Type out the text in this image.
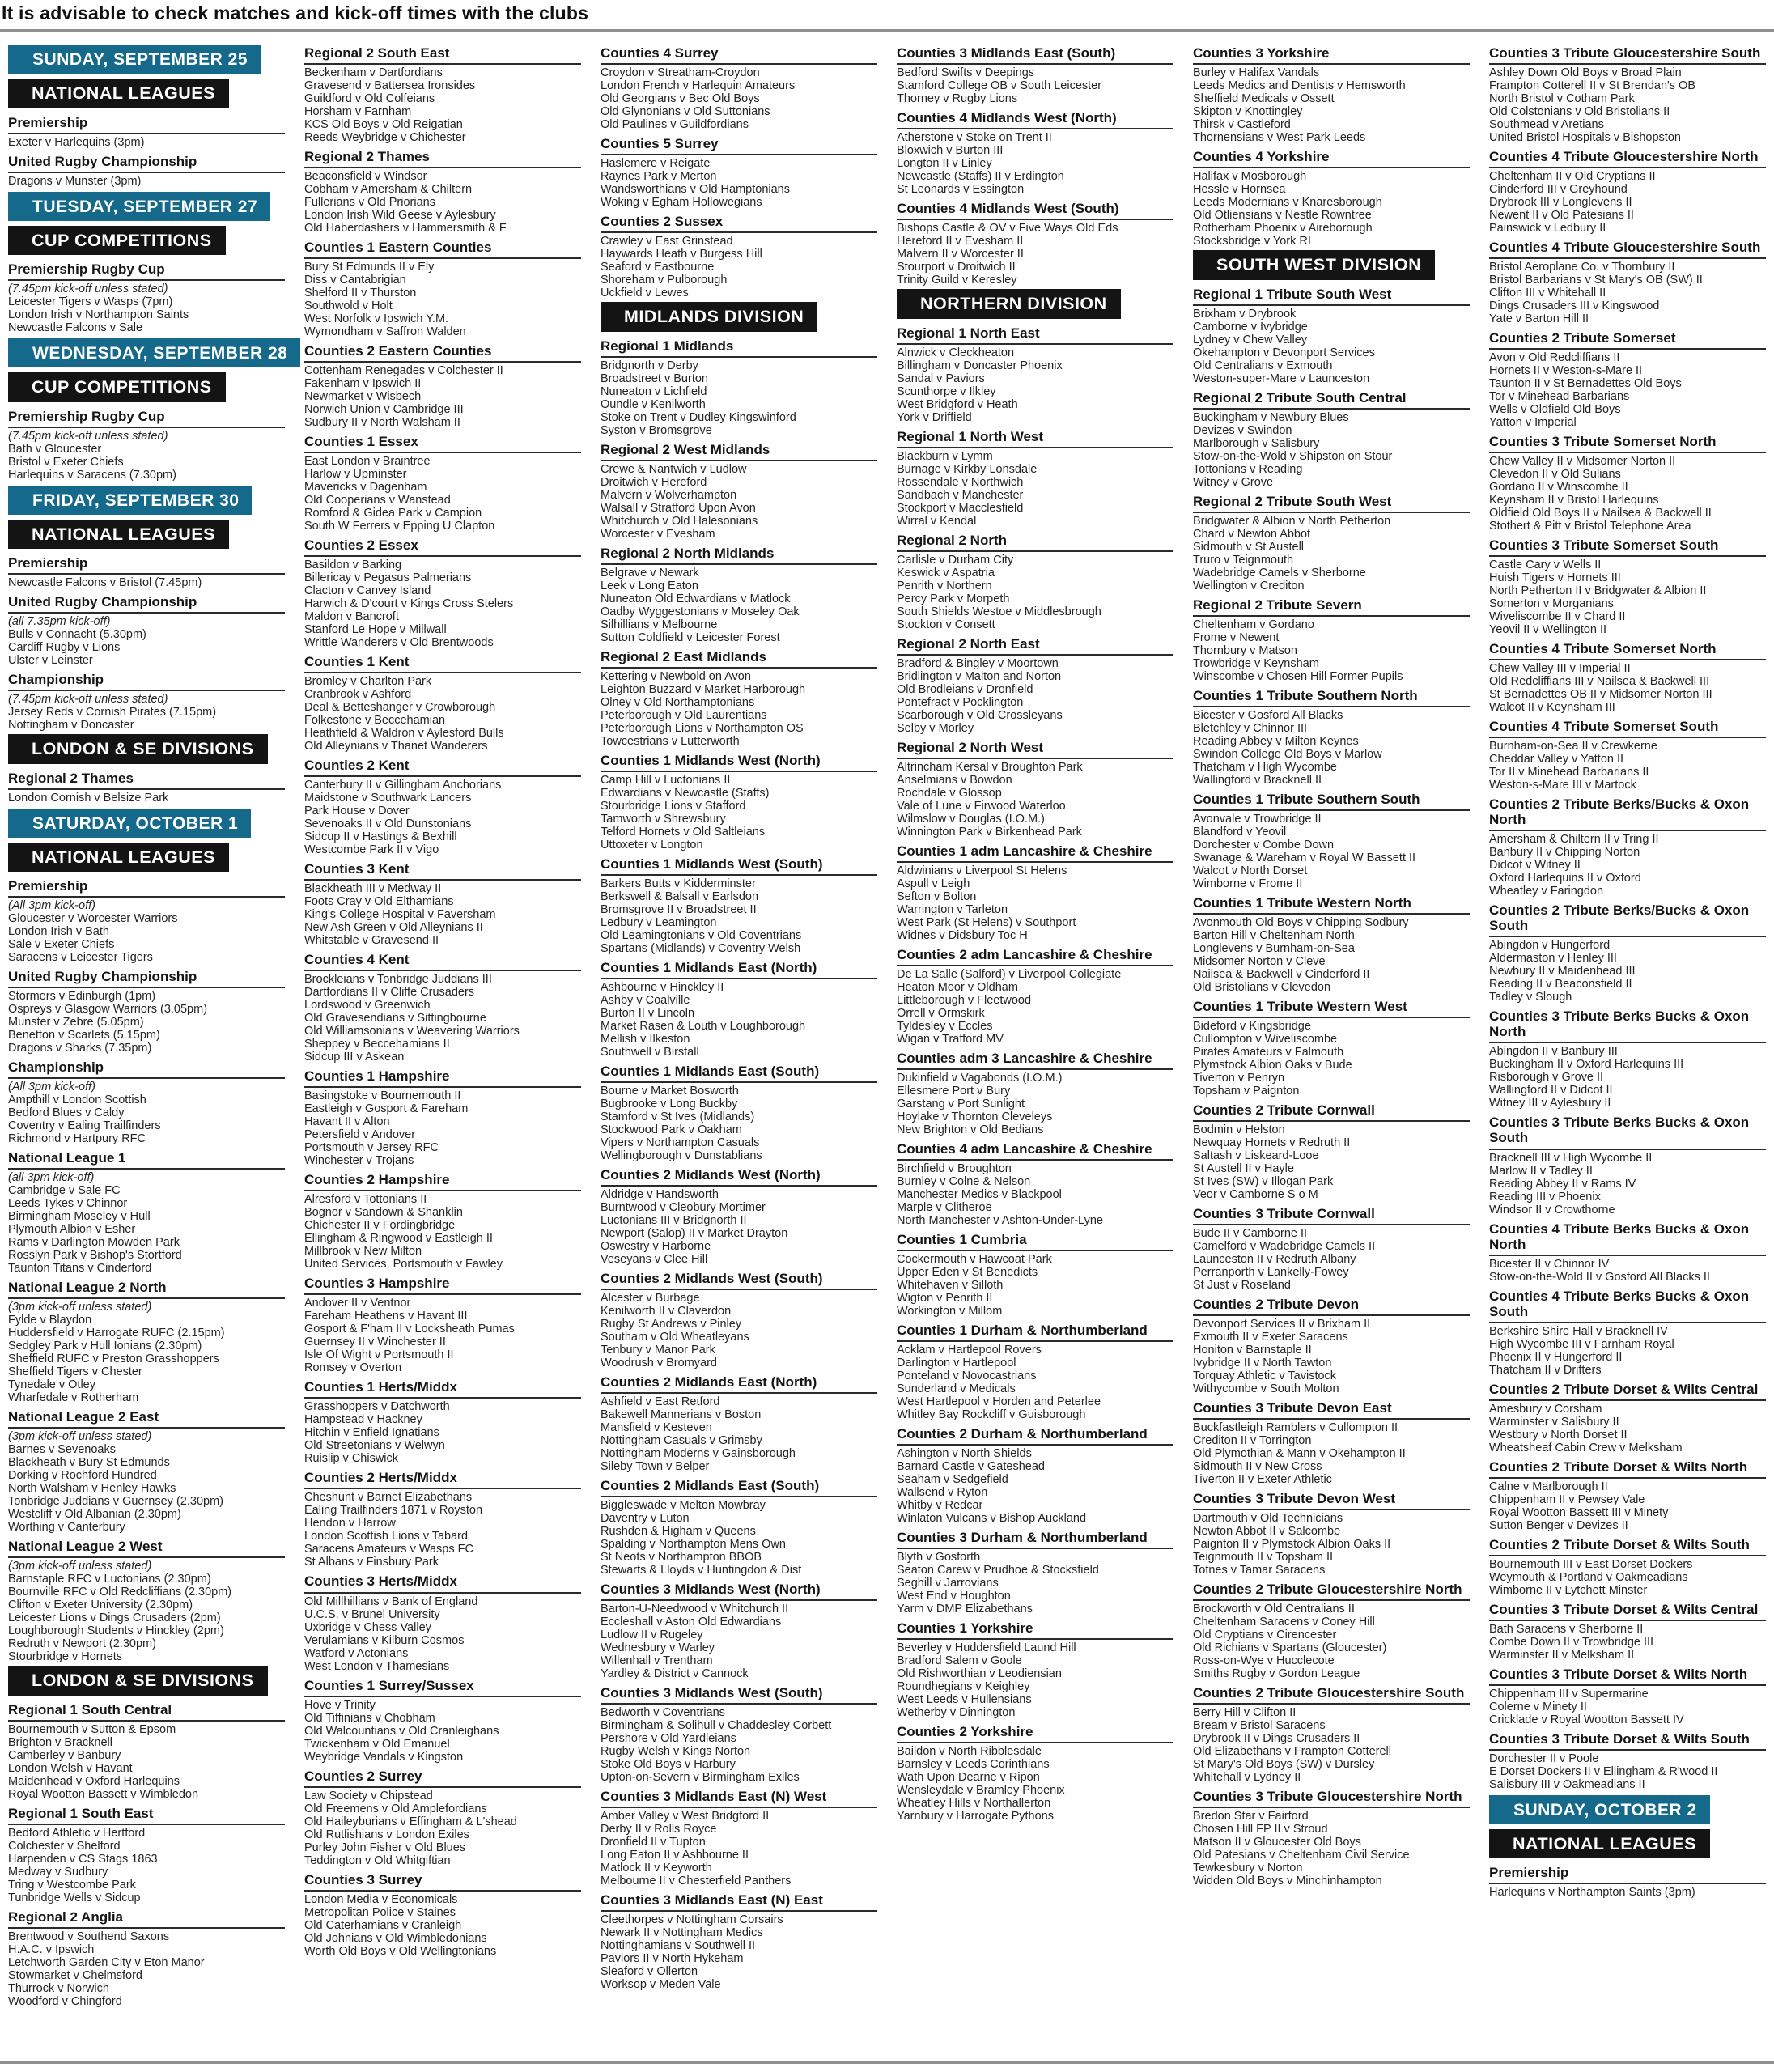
It is advisable to check matches and kick-off times with the clubs
SUNDAY, SEPTEMBER 25NATIONAL LEAGUES
Premiership
Exeter v Harlequins (3pm)
United Rugby Championship
Dragons v Munster (3pm)
TUESDAY, SEPTEMBER 27CUP COMPETITIONS
Premiership Rugby Cup
(7.45pm kick-off unless stated)
Leicester Tigers v Wasps (7pm)
London Irish v Northampton Saints
Newcastle Falcons v Sale
WEDNESDAY, SEPTEMBER 28CUP COMPETITIONS
Premiership Rugby Cup
(7.45pm kick-off unless stated)
Bath v Gloucester
Bristol v Exeter Chiefs
Harlequins v Saracens (7.30pm)
FRIDAY, SEPTEMBER 30NATIONAL LEAGUES
Premiership
Newcastle Falcons v Bristol (7.45pm)
United Rugby Championship
(all 7.35pm kick-off)
Bulls v Connacht (5.30pm)
Cardiff Rugby v Lions
Ulster v Leinster
Championship
(7.45pm kick-off unless stated)
Jersey Reds v Cornish Pirates (7.15pm)
Nottingham v Doncaster
LONDON & SE DIVISIONS
Regional 2 Thames
London Cornish v Belsize Park
SATURDAY, OCTOBER 1NATIONAL LEAGUES
Premiership
(All 3pm kick-off)
Gloucester v Worcester Warriors
London Irish v Bath
Sale v Exeter Chiefs
Saracens v Leicester Tigers
United Rugby Championship
Stormers v Edinburgh (1pm)
Ospreys v Glasgow Warriors (3.05pm)
Munster v Zebre (5.05pm)
Benetton v Scarlets (5.15pm)
Dragons v Sharks (7.35pm)
Championship
(All 3pm kick-off)
Ampthill v London Scottish
Bedford Blues v Caldy
Coventry v Ealing Trailfinders
Richmond v Hartpury RFC
National League 1
(all 3pm kick-off)
Cambridge v Sale FC
Leeds Tykes v Chinnor
Birmingham Moseley v Hull
Plymouth Albion v Esher
Rams v Darlington Mowden Park
Rosslyn Park v Bishop's Stortford
Taunton Titans v Cinderford
National League 2 North
(3pm kick-off unless stated)
Fylde v Blaydon
Huddersfield v Harrogate RUFC (2.15pm)
Sedgley Park v Hull Ionians (2.30pm)
Sheffield RUFC v Preston Grasshoppers
Sheffield Tigers v Chester
Tynedale v Otley
Wharfedale v Rotherham
National League 2 East
(3pm kick-off unless stated)
Barnes v Sevenoaks
Blackheath v Bury St Edmunds
Dorking v Rochford Hundred
North Walsham v Henley Hawks
Tonbridge Juddians v Guernsey (2.30pm)
Westcliff v Old Albanian (2.30pm)
Worthing v Canterbury
National League 2 West
(3pm kick-off unless stated)
Barnstaple RFC v Luctonians (2.30pm)
Bournville RFC v Old Redcliffians (2.30pm)
Clifton v Exeter University (2.30pm)
Leicester Lions v Dings Crusaders (2pm)
Loughborough Students v Hinckley (2pm)
Redruth v Newport (2.30pm)
Stourbridge v Hornets
LONDON & SE DIVISIONS
Regional 1 South Central
Bournemouth v Sutton & Epsom
Brighton v Bracknell
Camberley v Banbury
London Welsh v Havant
Maidenhead v Oxford Harlequins
Royal Wootton Bassett v Wimbledon
Regional 1 South East
Bedford Athletic v Hertford
Colchester v Shelford
Harpenden v CS Stags 1863
Medway v Sudbury
Tring v Westcombe Park
Tunbridge Wells v Sidcup
Regional 2 Anglia
Brentwood v Southend Saxons
H.A.C. v Ipswich
Letchworth Garden City v Eton Manor
Stowmarket v Chelmsford
Thurrock v Norwich
Woodford v Chingford
Regional 2 South East
Beckenham v Dartfordians
Gravesend v Battersea Ironsides
Guildford v Old Colfeians
Horsham v Farnham
KCS Old Boys v Old Reigatian
Reeds Weybridge v Chichester
Regional 2 Thames
Beaconsfield v Windsor
Cobham v Amersham & Chiltern
Fullerians v Old Priorians
London Irish Wild Geese v Aylesbury
Old Haberdashers v Hammersmith & F
Counties 1 Eastern Counties
Bury St Edmunds II v Ely
Diss v Cantabrigian
Shelford II v Thurston
Southwold v Holt
West Norfolk v Ipswich Y.M.
Wymondham v Saffron Walden
Counties 2 Eastern Counties
Cottenham Renegades v Colchester II
Fakenham v Ipswich II
Newmarket v Wisbech
Norwich Union v Cambridge III
Sudbury II v North Walsham II
Counties 1 Essex
East London v Braintree
Harlow v Upminster
Mavericks v Dagenham
Old Cooperians v Wanstead
Romford & Gidea Park v Campion
South W Ferrers v Epping U Clapton
Counties 2 Essex
Basildon v Barking
Billericay v Pegasus Palmerians
Clacton v Canvey Island
Harwich & D'court v Kings Cross Stelers
Maldon v Bancroft
Stanford Le Hope v Millwall
Writtle Wanderers v Old Brentwoods
Counties 1 Kent
Bromley v Charlton Park
Cranbrook v Ashford
Deal & Betteshanger v Crowborough
Folkestone v Beccehamian
Heathfield & Waldron v Aylesford Bulls
Old Alleynians v Thanet Wanderers
Counties 2 Kent
Canterbury II v Gillingham Anchorians
Maidstone v Southwark Lancers
Park House v Dover
Sevenoaks II v Old Dunstonians
Sidcup II v Hastings & Bexhill
Westcombe Park II v Vigo
Counties 3 Kent
Blackheath III v Medway II
Foots Cray v Old Elthamians
King's College Hospital v Faversham
New Ash Green v Old Alleynians II
Whitstable v Gravesend II
Counties 4 Kent
Brockleians v Tonbridge Juddians III
Dartfordians II v Cliffe Crusaders
Lordswood v Greenwich
Old Gravesendians v Sittingbourne
Old Williamsonians v Weavering Warriors
Sheppey v Beccehamians II
Sidcup III v Askean
Counties 1 Hampshire
Basingstoke v Bournemouth II
Eastleigh v Gosport & Fareham
Havant II v Alton
Petersfield v Andover
Portsmouth v Jersey RFC
Winchester v Trojans
Counties 2 Hampshire
Alresford v Tottonians II
Bognor v Sandown & Shanklin
Chichester II v Fordingbridge
Ellingham & Ringwood v Eastleigh II
Millbrook v New Milton
United Services, Portsmouth v Fawley
Counties 3 Hampshire
Andover II v Ventnor
Fareham Heathens v Havant III
Gosport & F'ham II v Locksheath Pumas
Guernsey II v Winchester II
Isle Of Wight v Portsmouth II
Romsey v Overton
Counties 1 Herts/Middx
Grasshoppers v Datchworth
Hampstead v Hackney
Hitchin v Enfield Ignatians
Old Streetonians v Welwyn
Ruislip v Chiswick
Counties 2 Herts/Middx
Cheshunt v Barnet Elizabethans
Ealing Trailfinders 1871 v Royston
Hendon v Harrow
London Scottish Lions v Tabard
Saracens Amateurs v Wasps FC
St Albans v Finsbury Park
Counties 3 Herts/Middx
Old Millhillians v Bank of England
U.C.S. v Brunel University
Uxbridge v Chess Valley
Verulamians v Kilburn Cosmos
Watford v Actonians
West London v Thamesians
Counties 1 Surrey/Sussex
Hove v Trinity
Old Tiffinians v Chobham
Old Walcountians v Old Cranleighans
Twickenham v Old Emanuel
Weybridge Vandals v Kingston
Counties 2 Surrey
Law Society v Chipstead
Old Freemens v Old Amplefordians
Old Haileyburians v Effingham & L'shead
Old Rutlishians v London Exiles
Purley John Fisher v Old Blues
Teddington v Old Whitgiftian
Counties 3 Surrey
London Media v Economicals
Metropolitan Police v Staines
Old Caterhamians v Cranleigh
Old Johnians v Old Wimbledonians
Worth Old Boys v Old Wellingtonians
Counties 4 Surrey
Croydon v Streatham-Croydon
London French v Harlequin Amateurs
Old Georgians v Bec Old Boys
Old Glynonians v Old Suttonians
Old Paulines v Guildfordians
Counties 5 Surrey
Haslemere v Reigate
Raynes Park v Merton
Wandsworthians v Old Hamptonians
Woking v Egham Hollowegians
Counties 2 Sussex
Crawley v East Grinstead
Haywards Heath v Burgess Hill
Seaford v Eastbourne
Shoreham v Pulborough
Uckfield v Lewes
MIDLANDS DIVISION
Regional 1 Midlands
Bridgnorth v Derby
Broadstreet v Burton
Nuneaton v Lichfield
Oundle v Kenilworth
Stoke on Trent v Dudley Kingswinford
Syston v Bromsgrove
Regional 2 West Midlands
Crewe & Nantwich v Ludlow
Droitwich v Hereford
Malvern v Wolverhampton
Walsall v Stratford Upon Avon
Whitchurch v Old Halesonians
Worcester v Evesham
Regional 2 North Midlands
Belgrave v Newark
Leek v Long Eaton
Nuneaton Old Edwardians v Matlock
Oadby Wyggestonians v Moseley Oak
Silhillians v Melbourne
Sutton Coldfield v Leicester Forest
Regional 2 East Midlands
Kettering v Newbold on Avon
Leighton Buzzard v Market Harborough
Olney v Old Northamptonians
Peterborough v Old Laurentians
Peterborough Lions v Northampton OS
Towcestrians v Lutterworth
Counties 1 Midlands West (North)
Camp Hill v Luctonians II
Edwardians v Newcastle (Staffs)
Stourbridge Lions v Stafford
Tamworth v Shrewsbury
Telford Hornets v Old Saltleians
Uttoxeter v Longton
Counties 1 Midlands West (South)
Barkers Butts v Kidderminster
Berkswell & Balsall v Earlsdon
Bromsgrove II v Broadstreet II
Ledbury v Leamington
Old Leamingtonians v Old Coventrians
Spartans (Midlands) v Coventry Welsh
Counties 1 Midlands East (North)
Ashbourne v Hinckley II
Ashby v Coalville
Burton II v Lincoln
Market Rasen & Louth v Loughborough
Mellish v Ilkeston
Southwell v Birstall
Counties 1 Midlands East (South)
Bourne v Market Bosworth
Bugbrooke v Long Buckby
Stamford v St Ives (Midlands)
Stockwood Park v Oakham
Vipers v Northampton Casuals
Wellingborough v Dunstablians
Counties 2 Midlands West (North)
Aldridge v Handsworth
Burntwood v Cleobury Mortimer
Luctonians III v Bridgnorth II
Newport (Salop) II v Market Drayton
Oswestry v Harborne
Veseyans v Clee Hill
Counties 2 Midlands West (South)
Alcester v Burbage
Kenilworth II v Claverdon
Rugby St Andrews v Pinley
Southam v Old Wheatleyans
Tenbury v Manor Park
Woodrush v Bromyard
Counties 2 Midlands East (North)
Ashfield v East Retford
Bakewell Mannerians v Boston
Mansfield v Kesteven
Nottingham Casuals v Grimsby
Nottingham Moderns v Gainsborough
Sileby Town v Belper
Counties 2 Midlands East (South)
Biggleswade v Melton Mowbray
Daventry v Luton
Rushden & Higham v Queens
Spalding v Northampton Mens Own
St Neots v Northampton BBOB
Stewarts & Lloyds v Huntingdon & Dist
Counties 3 Midlands West (North)
Barton-U-Needwood v Whitchurch II
Eccleshall v Aston Old Edwardians
Ludlow II v Rugeley
Wednesbury v Warley
Willenhall v Trentham
Yardley & District v Cannock
Counties 3 Midlands West (South)
Bedworth v Coventrians
Birmingham & Solihull v Chaddesley Corbett
Pershore v Old Yardleians
Rugby Welsh v Kings Norton
Stoke Old Boys v Harbury
Upton-on-Severn v Birmingham Exiles
Counties 3 Midlands East (N) West
Amber Valley v West Bridgford II
Derby II v Rolls Royce
Dronfield II v Tupton
Long Eaton II v Ashbourne II
Matlock II v Keyworth
Melbourne II v Chesterfield Panthers
Counties 3 Midlands East (N) East
Cleethorpes v Nottingham Corsairs
Newark II v Nottingham Medics
Nottinghamians v Southwell II
Paviors II v North Hykeham
Sleaford v Ollerton
Worksop v Meden Vale
Counties 3 Midlands East (South)
Bedford Swifts v Deepings
Stamford College OB v South Leicester
Thorney v Rugby Lions
Counties 4 Midlands West (North)
Atherstone v Stoke on Trent II
Bloxwich v Burton III
Longton II v Linley
Newcastle (Staffs) II v Erdington
St Leonards v Essington
Counties 4 Midlands West (South)
Bishops Castle & OV v Five Ways Old Eds
Hereford II v Evesham II
Malvern II v Worcester II
Stourport v Droitwich II
Trinity Guild v Keresley
NORTHERN DIVISION
Regional 1 North East
Alnwick v Cleckheaton
Billingham v Doncaster Phoenix
Sandal v Paviors
Scunthorpe v Ilkley
West Bridgford v Heath
York v Driffield
Regional 1 North West
Blackburn v Lymm
Burnage v Kirkby Lonsdale
Rossendale v Northwich
Sandbach v Manchester
Stockport v Macclesfield
Wirral v Kendal
Regional 2 North
Carlisle v Durham City
Keswick v Aspatria
Penrith v Northern
Percy Park v Morpeth
South Shields Westoe v Middlesbrough
Stockton v Consett
Regional 2 North East
Bradford & Bingley v Moortown
Bridlington v Malton and Norton
Old Brodleians v Dronfield
Pontefract v Pocklington
Scarborough v Old Crossleyans
Selby v Morley
Regional 2 North West
Altrincham Kersal v Broughton Park
Anselmians v Bowdon
Rochdale v Glossop
Vale of Lune v Firwood Waterloo
Wilmslow v Douglas (I.O.M.)
Winnington Park v Birkenhead Park
Counties 1 adm Lancashire & Cheshire
Aldwinians v Liverpool St Helens
Aspull v Leigh
Sefton v Bolton
Warrington v Tarleton
West Park (St Helens) v Southport
Widnes v Didsbury Toc H
Counties 2 adm Lancashire & Cheshire
De La Salle (Salford) v Liverpool Collegiate
Heaton Moor v Oldham
Littleborough v Fleetwood
Orrell v Ormskirk
Tyldesley v Eccles
Wigan v Trafford MV
Counties adm 3 Lancashire & Cheshire
Dukinfield v Vagabonds (I.O.M.)
Ellesmere Port v Bury
Garstang v Port Sunlight
Hoylake v Thornton Cleveleys
New Brighton v Old Bedians
Counties 4 adm Lancashire & Cheshire
Birchfield v Broughton
Burnley v Colne & Nelson
Manchester Medics v Blackpool
Marple v Clitheroe
North Manchester v Ashton-Under-Lyne
Counties 1 Cumbria
Cockermouth v Hawcoat Park
Upper Eden v St Benedicts
Whitehaven v Silloth
Wigton v Penrith II
Workington v Millom
Counties 1 Durham & Northumberland
Acklam v Hartlepool Rovers
Darlington v Hartlepool
Ponteland v Novocastrians
Sunderland v Medicals
West Hartlepool v Horden and Peterlee
Whitley Bay Rockcliff v Guisborough
Counties 2 Durham & Northumberland
Ashington v North Shields
Barnard Castle v Gateshead
Seaham v Sedgefield
Wallsend v Ryton
Whitby v Redcar
Winlaton Vulcans v Bishop Auckland
Counties 3 Durham & Northumberland
Blyth v Gosforth
Seaton Carew v Prudhoe & Stocksfield
Seghill v Jarrovians
West End v Houghton
Yarm v DMP Elizabethans
Counties 1 Yorkshire
Beverley v Huddersfield Laund Hill
Bradford Salem v Goole
Old Rishworthian v Leodiensian
Roundhegians v Keighley
West Leeds v Hullensians
Wetherby v Dinnington
Counties 2 Yorkshire
Baildon v North Ribblesdale
Barnsley v Leeds Corinthians
Wath Upon Dearne v Ripon
Wensleydale v Bramley Phoenix
Wheatley Hills v Northallerton
Yarnbury v Harrogate Pythons
Counties 3 Yorkshire
Burley v Halifax Vandals
Leeds Medics and Dentists v Hemsworth
Sheffield Medicals v Ossett
Skipton v Knottingley
Thirsk v Castleford
Thornensians v West Park Leeds
Counties 4 Yorkshire
Halifax v Mosborough
Hessle v Hornsea
Leeds Modernians v Knaresborough
Old Otliensians v Nestle Rowntree
Rotherham Phoenix v Aireborough
Stocksbridge v York RI
SOUTH WEST DIVISION
Regional 1 Tribute South West
Brixham v Drybrook
Camborne v Ivybridge
Lydney v Chew Valley
Okehampton v Devonport Services
Old Centralians v Exmouth
Weston-super-Mare v Launceston
Regional 2 Tribute South Central
Buckingham v Newbury Blues
Devizes v Swindon
Marlborough v Salisbury
Stow-on-the-Wold v Shipston on Stour
Tottonians v Reading
Witney v Grove
Regional 2 Tribute South West
Bridgwater & Albion v North Petherton
Chard v Newton Abbot
Sidmouth v St Austell
Truro v Teignmouth
Wadebridge Camels v Sherborne
Wellington v Crediton
Regional 2 Tribute Severn
Cheltenham v Gordano
Frome v Newent
Thornbury v Matson
Trowbridge v Keynsham
Winscombe v Chosen Hill Former Pupils
Counties 1 Tribute Southern North
Bicester v Gosford All Blacks
Bletchley v Chinnor III
Reading Abbey v Milton Keynes
Swindon College Old Boys v Marlow
Thatcham v High Wycombe
Wallingford v Bracknell II
Counties 1 Tribute Southern South
Avonvale v Trowbridge II
Blandford v Yeovil
Dorchester v Combe Down
Swanage & Wareham v Royal W Bassett II
Walcot v North Dorset
Wimborne v Frome II
Counties 1 Tribute Western North
Avonmouth Old Boys v Chipping Sodbury
Barton Hill v Cheltenham North
Longlevens v Burnham-on-Sea
Midsomer Norton v Cleve
Nailsea & Backwell v Cinderford II
Old Bristolians v Clevedon
Counties 1 Tribute Western West
Bideford v Kingsbridge
Cullompton v Wiveliscombe
Pirates Amateurs v Falmouth
Plymstock Albion Oaks v Bude
Tiverton v Penryn
Topsham v Paignton
Counties 2 Tribute Cornwall
Bodmin v Helston
Newquay Hornets v Redruth II
Saltash v Liskeard-Looe
St Austell II v Hayle
St Ives (SW) v Illogan Park
Veor v Camborne S o M
Counties 3 Tribute Cornwall
Bude II v Camborne II
Camelford v Wadebridge Camels II
Launceston II v Redruth Albany
Perranporth v Lankelly-Fowey
St Just v Roseland
Counties 2 Tribute Devon
Devonport Services II v Brixham II
Exmouth II v Exeter Saracens
Honiton v Barnstaple II
Ivybridge II v North Tawton
Torquay Athletic v Tavistock
Withycombe v South Molton
Counties 3 Tribute Devon East
Buckfastleigh Ramblers v Cullompton II
Crediton II v Torrington
Old Plymothian & Mann v Okehampton II
Sidmouth II v New Cross
Tiverton II v Exeter Athletic
Counties 3 Tribute Devon West
Dartmouth v Old Technicians
Newton Abbot II v Salcombe
Paignton II v Plymstock Albion Oaks II
Teignmouth II v Topsham II
Totnes v Tamar Saracens
Counties 2 Tribute Gloucestershire North
Brockworth v Old Centralians II
Cheltenham Saracens v Coney Hill
Old Cryptians v Cirencester
Old Richians v Spartans (Gloucester)
Ross-on-Wye v Hucclecote
Smiths Rugby v Gordon League
Counties 2 Tribute Gloucestershire South
Berry Hill v Clifton II
Bream v Bristol Saracens
Drybrook II v Dings Crusaders II
Old Elizabethans v Frampton Cotterell
St Mary's Old Boys (SW) v Dursley
Whitehall v Lydney II
Counties 3 Tribute Gloucestershire North
Bredon Star v Fairford
Chosen Hill FP II v Stroud
Matson II v Gloucester Old Boys
Old Patesians v Cheltenham Civil Service
Tewkesbury v Norton
Widden Old Boys v Minchinhampton
Counties 3 Tribute Gloucestershire South
Ashley Down Old Boys v Broad Plain
Frampton Cotterell II v St Brendan's OB
North Bristol v Cotham Park
Old Colstonians v Old Bristolians II
Southmead v Aretians
United Bristol Hospitals v Bishopston
Counties 4 Tribute Gloucestershire North
Cheltenham II v Old Cryptians II
Cinderford III v Greyhound
Drybrook III v Longlevens II
Newent II v Old Patesians II
Painswick v Ledbury II
Counties 4 Tribute Gloucestershire South
Bristol Aeroplane Co. v Thornbury II
Bristol Barbarians v St Mary's OB (SW) II
Clifton III v Whitehall II
Dings Crusaders III v Kingswood
Yate v Barton Hill II
Counties 2 Tribute Somerset
Avon v Old Redcliffians II
Hornets II v Weston-s-Mare II
Taunton II v St Bernadettes Old Boys
Tor v Minehead Barbarians
Wells v Oldfield Old Boys
Yatton v Imperial
Counties 3 Tribute Somerset North
Chew Valley II v Midsomer Norton II
Clevedon II v Old Sulians
Gordano II v Winscombe II
Keynsham II v Bristol Harlequins
Oldfield Old Boys II v Nailsea & Backwell II
Stothert & Pitt v Bristol Telephone Area
Counties 3 Tribute Somerset South
Castle Cary v Wells II
Huish Tigers v Hornets III
North Petherton II v Bridgwater & Albion II
Somerton v Morganians
Wiveliscombe II v Chard II
Yeovil II v Wellington II
Counties 4 Tribute Somerset North
Chew Valley III v Imperial II
Old Redcliffians III v Nailsea & Backwell III
St Bernadettes OB II v Midsomer Norton III
Walcot II v Keynsham III
Counties 4 Tribute Somerset South
Burnham-on-Sea II v Crewkerne
Cheddar Valley v Yatton II
Tor II v Minehead Barbarians II
Weston-s-Mare III v Martock
Counties 2 Tribute Berks/Bucks & Oxon North
Amersham & Chiltern II v Tring II
Banbury II v Chipping Norton
Didcot v Witney II
Oxford Harlequins II v Oxford
Wheatley v Faringdon
Counties 2 Tribute Berks/Bucks & Oxon South
Abingdon v Hungerford
Aldermaston v Henley III
Newbury II v Maidenhead III
Reading II v Beaconsfield II
Tadley v Slough
Counties 3 Tribute Berks Bucks & Oxon North
Abingdon II v Banbury III
Buckingham II v Oxford Harlequins III
Risborough v Grove II
Wallingford II v Didcot II
Witney III v Aylesbury II
Counties 3 Tribute Berks Bucks & Oxon South
Bracknell III v High Wycombe II
Marlow II v Tadley II
Reading Abbey II v Rams IV
Reading III v Phoenix
Windsor II v Crowthorne
Counties 4 Tribute Berks Bucks & Oxon North
Bicester II v Chinnor IV
Stow-on-the-Wold II v Gosford All Blacks II
Counties 4 Tribute Berks Bucks & Oxon South
Berkshire Shire Hall v Bracknell IV
High Wycombe III v Farnham Royal
Phoenix II v Hungerford II
Thatcham II v Drifters
Counties 2 Tribute Dorset & Wilts Central
Amesbury v Corsham
Warminster v Salisbury II
Westbury v North Dorset II
Wheatsheaf Cabin Crew v Melksham
Counties 2 Tribute Dorset & Wilts North
Calne v Marlborough II
Chippenham II v Pewsey Vale
Royal Wootton Bassett III v Minety
Sutton Benger v Devizes II
Counties 2 Tribute Dorset & Wilts South
Bournemouth III v East Dorset Dockers
Weymouth & Portland v Oakmeadians
Wimborne II v Lytchett Minster
Counties 3 Tribute Dorset & Wilts Central
Bath Saracens v Sherborne II
Combe Down II v Trowbridge III
Warminster II v Melksham II
Counties 3 Tribute Dorset & Wilts North
Chippenham III v Supermarine
Colerne v Minety II
Cricklade v Royal Wootton Bassett IV
Counties 3 Tribute Dorset & Wilts South
Dorchester II v Poole
E Dorset Dockers II v Ellingham & R'wood II
Salisbury III v Oakmeadians II
SUNDAY, OCTOBER 2NATIONAL LEAGUES
Premiership
Harlequins v Northampton Saints (3pm)
